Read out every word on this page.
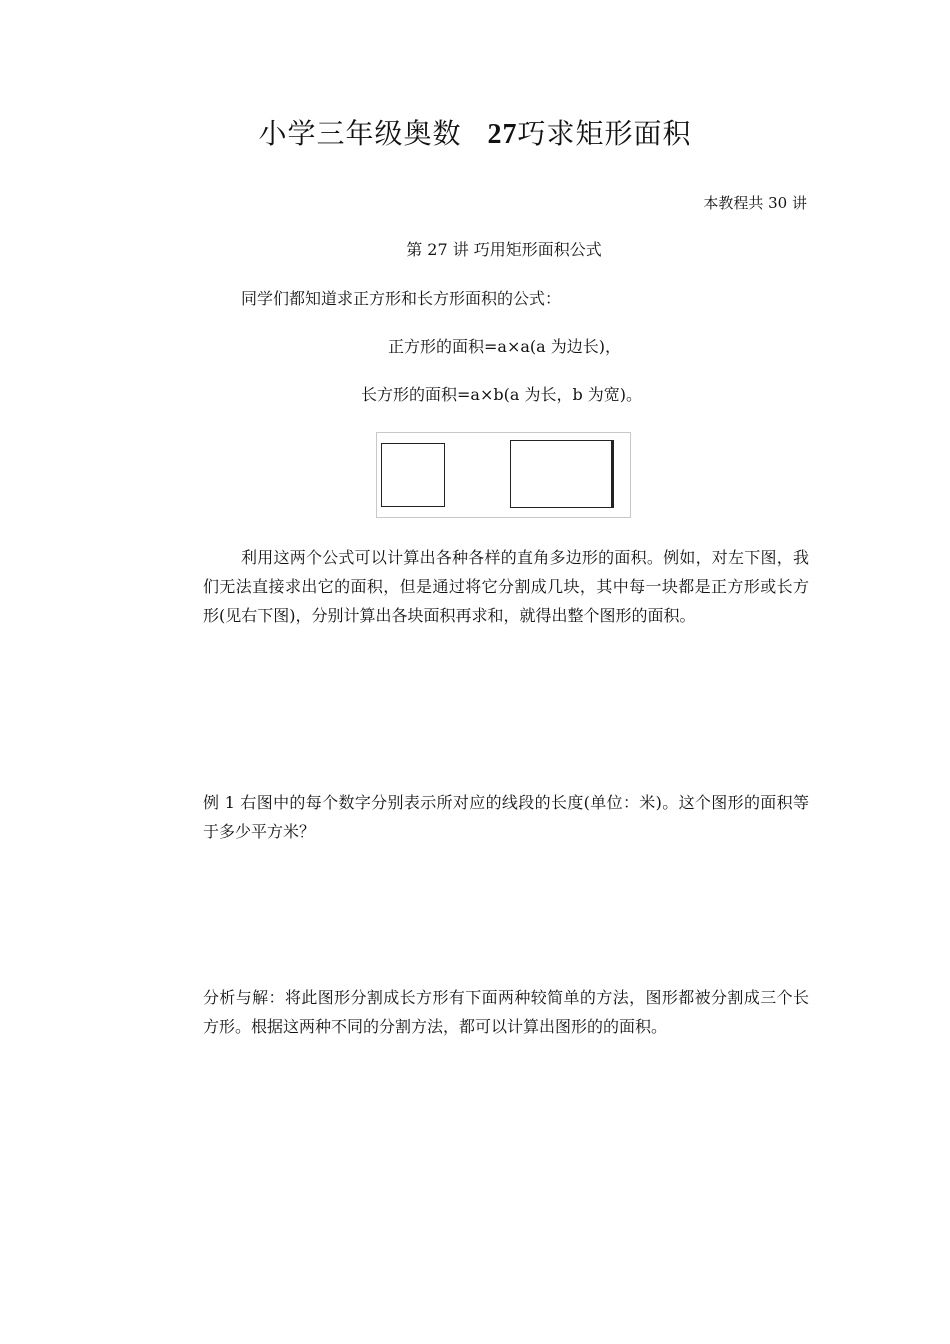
小学三年级奥数 27巧求矩形面积
本教程共 30 讲
第 27 讲 巧用矩形面积公式
同学们都知道求正方形和长方形面积的公式：
正方形的面积=a×a(a 为边长)，
长方形的面积=a×b(a 为长，b 为宽)。
利用这两个公式可以计算出各种各样的直角多边形的面积。例如，对左下图，我们无法直接求出它的面积，但是通过将它分割成几块，其中每一块都是正方形或长方形(见右下图)，分别计算出各块面积再求和，就得出整个图形的面积。
例 1 右图中的每个数字分别表示所对应的线段的长度(单位：米)。这个图形的面积等于多少平方米？
分析与解：将此图形分割成长方形有下面两种较简单的方法，图形都被分割成三个长方形。根据这两种不同的分割方法，都可以计算出图形的的面积。
